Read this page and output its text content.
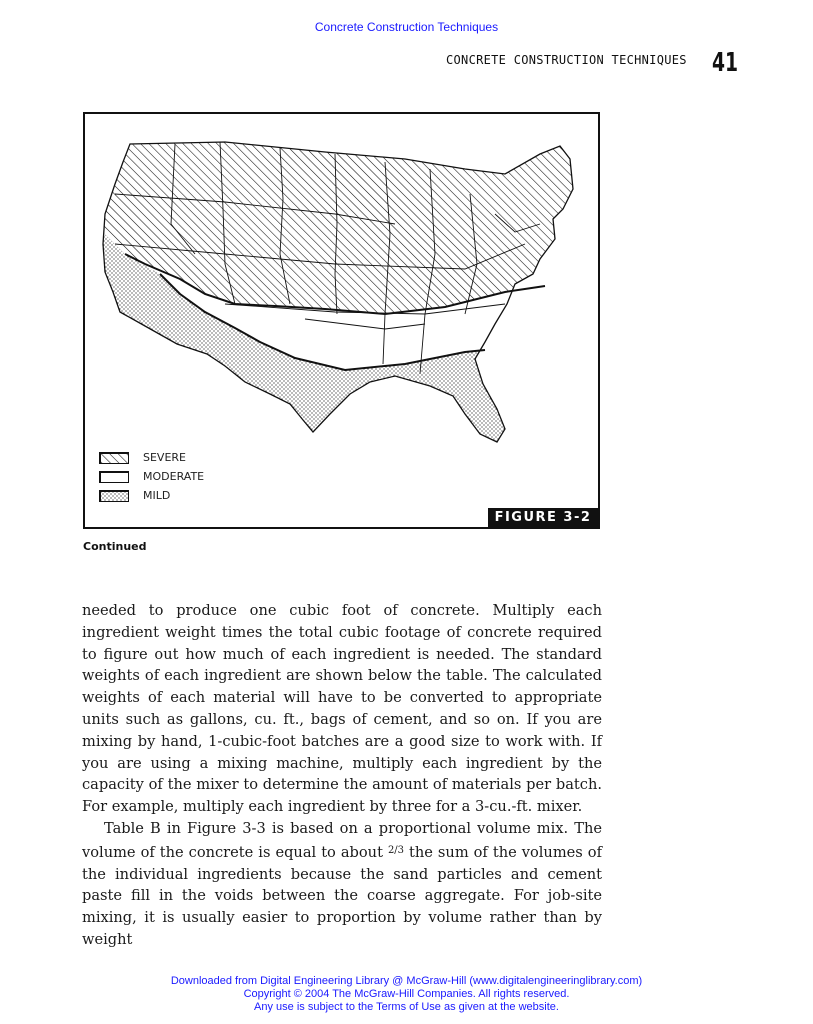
Concrete Construction Techniques
CONCRETE CONSTRUCTION TECHNIQUES 41
SEVERE
MODERATE
MILD
FIGURE 3-2
Continued

needed to produce one cubic foot of concrete. Multiply each ingredient weight times the total cubic footage of concrete required to figure out how much of each ingredient is needed. The standard weights of each ingredient are shown below the table. The calculated weights of each material will have to be converted to appropriate units such as gallons, cu. ft., bags of cement, and so on. If you are mixing by hand, 1-cubic-foot batches are a good size to work with. If you are using a mixing machine, multiply each ingredient by the capacity of the mixer to determine the amount of materials per batch. For example, multiply each ingredient by three for a 3-cu.-ft. mixer.

Table B in Figure 3-3 is based on a proportional volume mix. The volume of the concrete is equal to about $^{2/3}$ the sum of the volumes of the individual ingredients because the sand particles and cement paste fill in the voids between the coarse aggregate. For job-site mixing, it is usually easier to proportion by volume rather than by weight

Downloaded from Digital Engineering Library @ McGraw-Hill (www.digitalengineeringlibrary.com)
Copyright © 2004 The McGraw-Hill Companies. All rights reserved.
Any use is subject to the Terms of Use as given at the website.
